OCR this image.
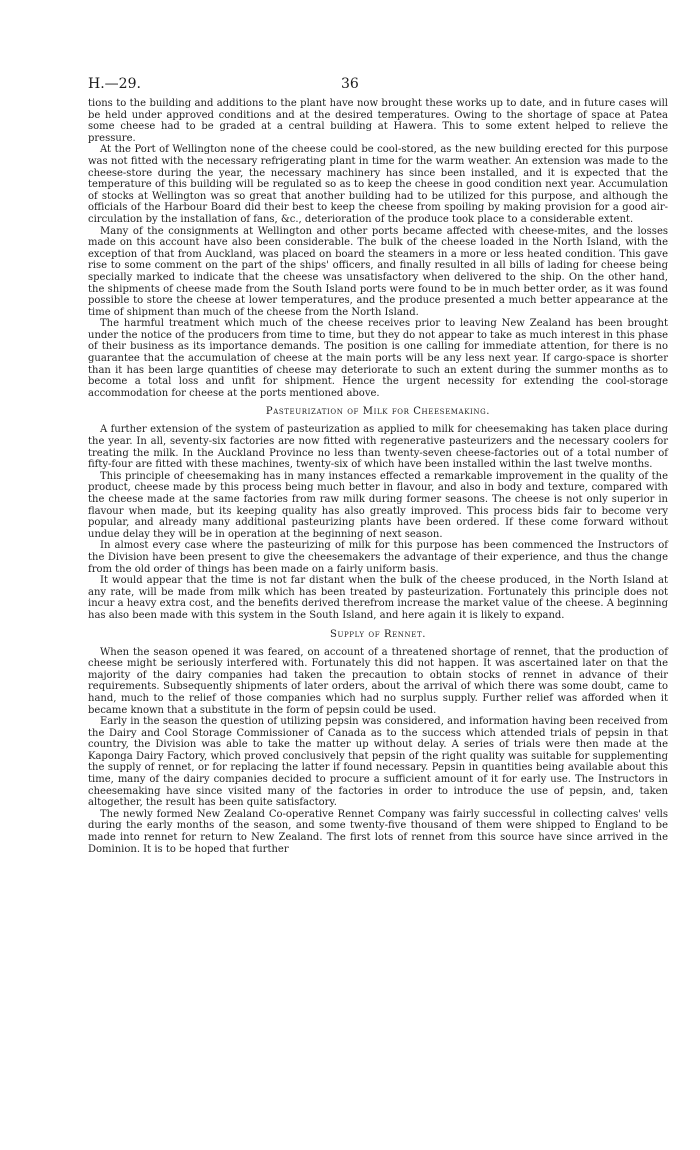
H.—29.	36

tions to the building and additions to the plant have now brought these works up to date, and in future cases will be held under approved conditions and at the desired temperatures. Owing to the shortage of space at Patea some cheese had to be graded at a central building at Hawera. This to some extent helped to relieve the pressure.

At the Port of Wellington none of the cheese could be cool-stored, as the new building erected for this purpose was not fitted with the necessary refrigerating plant in time for the warm weather. An extension was made to the cheese-store during the year, the necessary machinery has since been installed, and it is expected that the temperature of this building will be regulated so as to keep the cheese in good condition next year. Accumulation of stocks at Wellington was so great that another building had to be utilized for this purpose, and although the officials of the Harbour Board did their best to keep the cheese from spoiling by making provision for a good air-circulation by the installation of fans, &c., deterioration of the produce took place to a considerable extent.

Many of the consignments at Wellington and other ports became affected with cheese-mites, and the losses made on this account have also been considerable. The bulk of the cheese loaded in the North Island, with the exception of that from Auckland, was placed on board the steamers in a more or less heated condition. This gave rise to some comment on the part of the ships' officers, and finally resulted in all bills of lading for cheese being specially marked to indicate that the cheese was unsatisfactory when delivered to the ship. On the other hand, the shipments of cheese made from the South Island ports were found to be in much better order, as it was found possible to store the cheese at lower temperatures, and the produce presented a much better appearance at the time of shipment than much of the cheese from the North Island.

The harmful treatment which much of the cheese receives prior to leaving New Zealand has been brought under the notice of the producers from time to time, but they do not appear to take as much interest in this phase of their business as its importance demands. The position is one calling for immediate attention, for there is no guarantee that the accumulation of cheese at the main ports will be any less next year. If cargo-space is shorter than it has been large quantities of cheese may deteriorate to such an extent during the summer months as to become a total loss and unfit for shipment. Hence the urgent necessity for extending the cool-storage accommodation for cheese at the ports mentioned above.

Pasteurization of Milk for Cheesemaking.

A further extension of the system of pasteurization as applied to milk for cheesemaking has taken place during the year. In all, seventy-six factories are now fitted with regenerative pasteurizers and the necessary coolers for treating the milk. In the Auckland Province no less than twenty-seven cheese-factories out of a total number of fifty-four are fitted with these machines, twenty-six of which have been installed within the last twelve months.

This principle of cheesemaking has in many instances effected a remarkable improvement in the quality of the product, cheese made by this process being much better in flavour, and also in body and texture, compared with the cheese made at the same factories from raw milk during former seasons. The cheese is not only superior in flavour when made, but its keeping quality has also greatly improved. This process bids fair to become very popular, and already many additional pasteurizing plants have been ordered. If these come forward without undue delay they will be in operation at the beginning of next season.

In almost every case where the pasteurizing of milk for this purpose has been commenced the Instructors of the Division have been present to give the cheesemakers the advantage of their experience, and thus the change from the old order of things has been made on a fairly uniform basis.

It would appear that the time is not far distant when the bulk of the cheese produced, in the North Island at any rate, will be made from milk which has been treated by pasteurization. Fortunately this principle does not incur a heavy extra cost, and the benefits derived therefrom increase the market value of the cheese. A beginning has also been made with this system in the South Island, and here again it is likely to expand.

Supply of Rennet.

When the season opened it was feared, on account of a threatened shortage of rennet, that the production of cheese might be seriously interfered with. Fortunately this did not happen. It was ascertained later on that the majority of the dairy companies had taken the precaution to obtain stocks of rennet in advance of their requirements. Subsequently shipments of later orders, about the arrival of which there was some doubt, came to hand, much to the relief of those companies which had no surplus supply. Further relief was afforded when it became known that a substitute in the form of pepsin could be used.

Early in the season the question of utilizing pepsin was considered, and information having been received from the Dairy and Cool Storage Commissioner of Canada as to the success which attended trials of pepsin in that country, the Division was able to take the matter up without delay. A series of trials were then made at the Kaponga Dairy Factory, which proved conclusively that pepsin of the right quality was suitable for supplementing the supply of rennet, or for replacing the latter if found necessary. Pepsin in quantities being available about this time, many of the dairy companies decided to procure a sufficient amount of it for early use. The Instructors in cheesemaking have since visited many of the factories in order to introduce the use of pepsin, and, taken altogether, the result has been quite satisfactory.

The newly formed New Zealand Co-operative Rennet Company was fairly successful in collecting calves' vells during the early months of the season, and some twenty-five thousand of them were shipped to England to be made into rennet for return to New Zealand. The first lots of rennet from this source have since arrived in the Dominion. It is to be hoped that further
